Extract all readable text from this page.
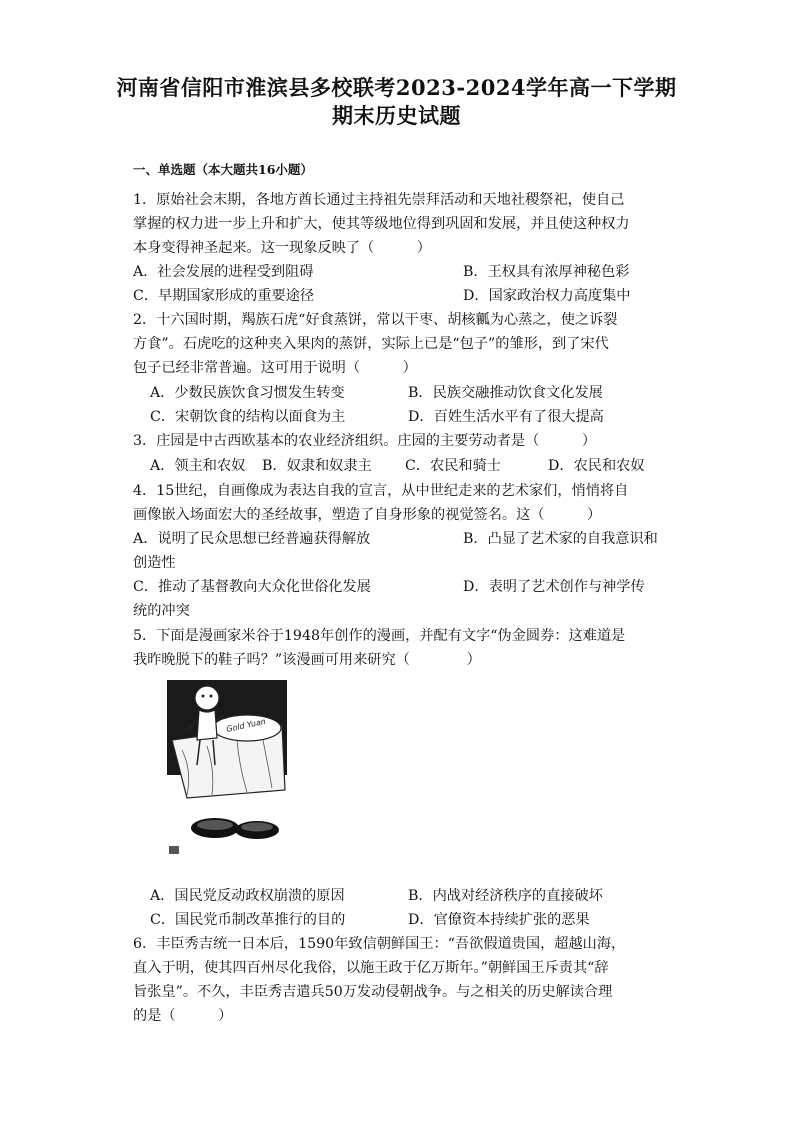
河南省信阳市淮滨县多校联考2023-2024学年高一下学期
期末历史试题
一、单选题（本大题共16小题）
1．原始社会末期，各地方酋长通过主持祖先崇拜活动和天地社稷祭祀，使自己
掌握的权力进一步上升和扩大，使其等级地位得到巩固和发展，并且使这种权力
本身变得神圣起来。这一现象反映了（　　　）
A．社会发展的进程受到阻碍	B．王权具有浓厚神秘色彩
C．早期国家形成的重要途径	D．国家政治权力高度集中
2．十六国时期，羯族石虎“好食蒸饼，常以干枣、胡核瓤为心蒸之，使之诉裂
方食”。石虎吃的这种夹入果肉的蒸饼，实际上已是“包子”的雏形，到了宋代
包子已经非常普遍。这可用于说明（　　　）
A．少数民族饮食习惯发生转变	B．民族交融推动饮食文化发展
C．宋朝饮食的结构以面食为主	D．百姓生活水平有了很大提高
3．庄园是中古西欧基本的农业经济组织。庄园的主要劳动者是（　　　）
A．领主和农奴 B．奴隶和奴隶主 C．农民和骑士	D．农民和农奴
4．15世纪，自画像成为表达自我的宣言，从中世纪走来的艺术家们，悄悄将自
画像嵌入场面宏大的圣经故事，塑造了自身形象的视觉签名。这（　　　）
A．说明了民众思想已经普遍获得解放	B．凸显了艺术家的自我意识和
创造性
C．推动了基督教向大众化世俗化发展	D．表明了艺术创作与神学传
统的冲突
5．下面是漫画家米谷于1948年创作的漫画，并配有文字“伪金圆券：这难道是
我昨晚脱下的鞋子吗？”该漫画可用来研究（　　　　）
Gold Yuan
A．国民党反动政权崩溃的原因	B．内战对经济秩序的直接破坏
C．国民党币制改革推行的目的	D．官僚资本持续扩张的恶果
6．丰臣秀吉统一日本后，1590年致信朝鲜国王：“吾欲假道贵国，超越山海，
直入于明，使其四百州尽化我俗，以施王政于亿万斯年。”朝鲜国王斥责其“辞
旨张皇”。不久，丰臣秀吉遣兵50万发动侵朝战争。与之相关的历史解读合理
的是（　　　）
